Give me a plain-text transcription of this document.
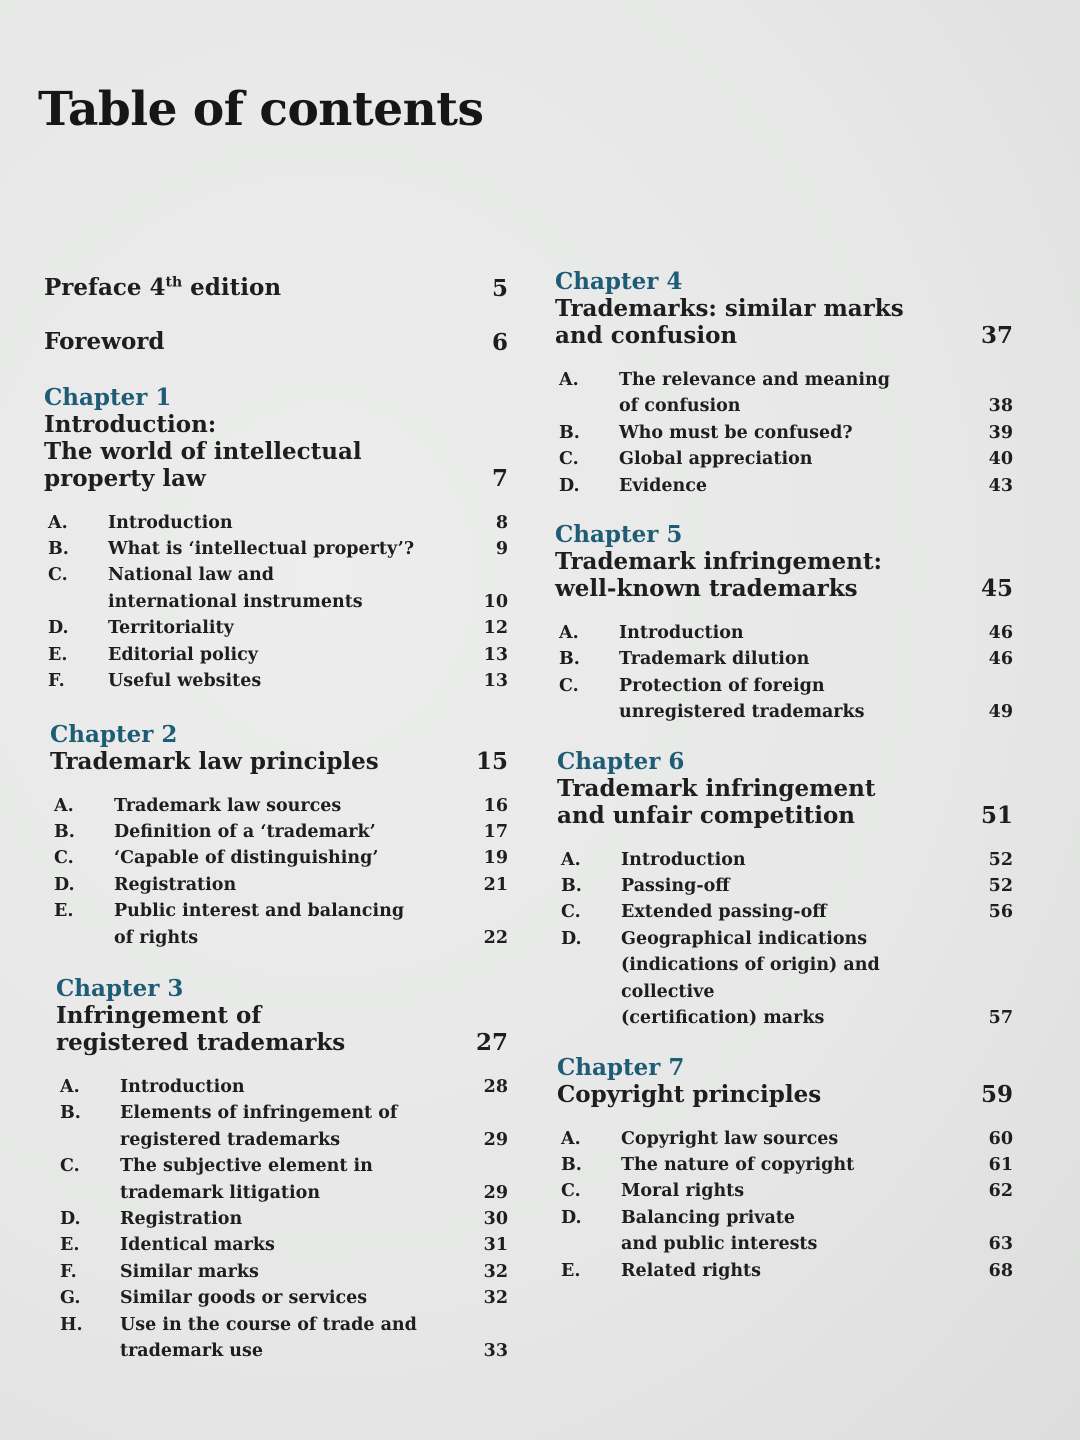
Table of contents
Preface 4th edition	5
Foreword	6
Chapter 1
Introduction:
The world of intellectual
property law	7
A. Introduction	8
B. What is ‘intellectual property’?	9
C. National law and
international instruments	10
D. Territoriality	12
E. Editorial policy	13
F. Useful websites	13
Chapter 2
Trademark law principles	15
A. Trademark law sources	16
B. Definition of a ‘trademark’	17
C. ‘Capable of distinguishing’	19
D. Registration	21
E. Public interest and balancing
of rights	22
Chapter 3
Infringement of
registered trademarks	27
A. Introduction	28
B. Elements of infringement of
registered trademarks	29
C. The subjective element in
trademark litigation	29
D. Registration	30
E. Identical marks	31
F. Similar marks	32
G. Similar goods or services	32
H. Use in the course of trade and
trademark use	33
Chapter 4
Trademarks: similar marks
and confusion	37
A. The relevance and meaning
of confusion	38
B. Who must be confused?	39
C. Global appreciation	40
D. Evidence	43
Chapter 5
Trademark infringement:
well-known trademarks	45
A. Introduction	46
B. Trademark dilution	46
C. Protection of foreign
unregistered trademarks	49
Chapter 6
Trademark infringement
and unfair competition	51
A. Introduction	52
B. Passing-off	52
C. Extended passing-off	56
D. Geographical indications
(indications of origin) and collective
(certification) marks	57
Chapter 7
Copyright principles	59
A. Copyright law sources	60
B. The nature of copyright	61
C. Moral rights	62
D. Balancing private
and public interests	63
E. Related rights	68
